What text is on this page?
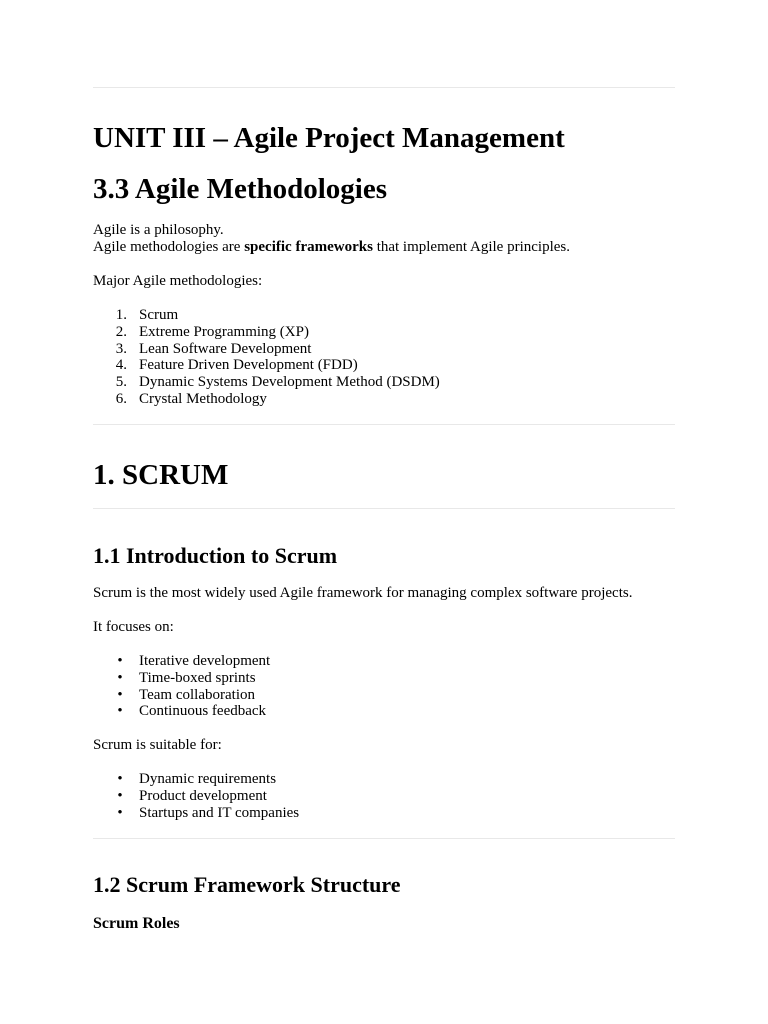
UNIT III – Agile Project Management
3.3 Agile Methodologies

Agile is a philosophy.

Agile methodologies are specific frameworks that implement Agile principles.

Major Agile methodologies:

1. Scrum
2. Extreme Programming (XP)
3. Lean Software Development
4. Feature Driven Development (FDD)
5. Dynamic Systems Development Method (DSDM)
6. Crystal Methodology
1. SCRUM
1.1 Introduction to Scrum

Scrum is the most widely used Agile framework for managing complex software projects.

It focuses on:

• Iterative development
• Time-boxed sprints
• Team collaboration
• Continuous feedback

Scrum is suitable for:

• Dynamic requirements
• Product development
• Startups and IT companies
1.2 Scrum Framework Structure
Scrum Roles
